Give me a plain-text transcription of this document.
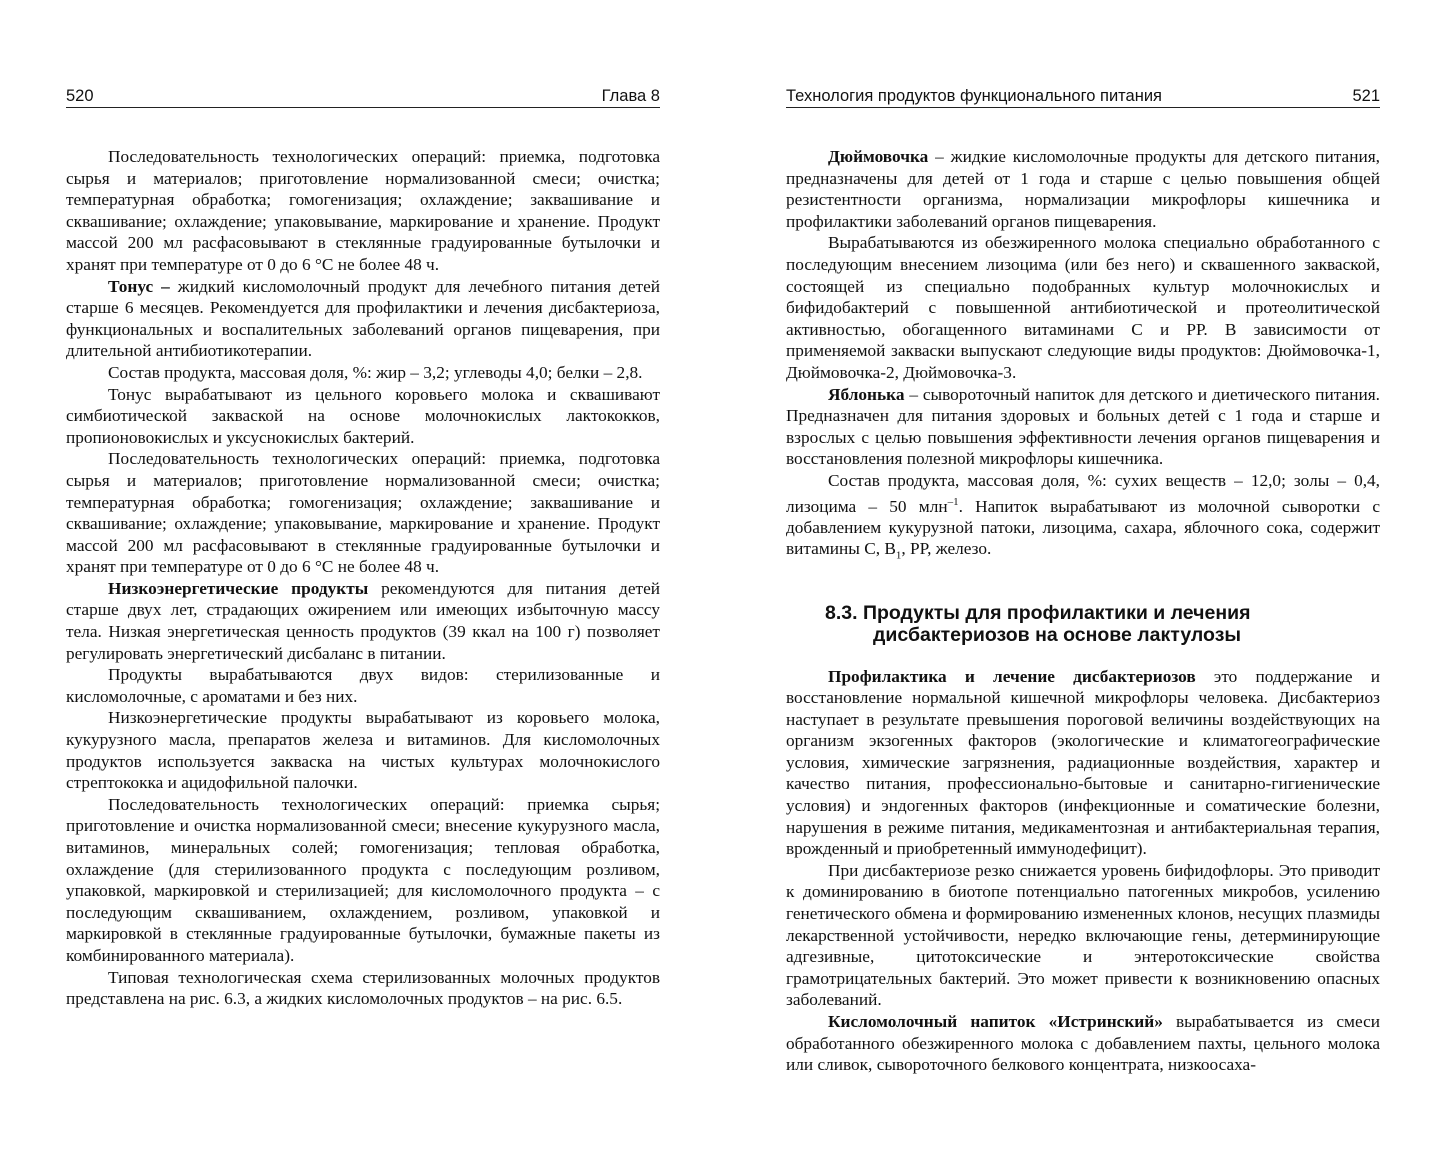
520	Глава 8

Последовательность технологических операций: приемка, подготовка сырья и материалов; приготовление нормализованной смеси; очистка; температурная обработка; гомогенизация; охлаждение; заквашивание и сквашивание; охлаждение; упаковывание, маркирование и хранение. Продукт массой 200 мл расфасовывают в стеклянные градуированные бутылочки и хранят при температуре от 0 до 6 °С не более 48 ч.

Тонус – жидкий кисломолочный продукт для лечебного питания детей старше 6 месяцев. Рекомендуется для профилактики и лечения дисбактериоза, функциональных и воспалительных заболеваний органов пищеварения, при длительной антибиотикотерапии.

Состав продукта, массовая доля, %: жир – 3,2; углеводы 4,0; белки – 2,8.

Тонус вырабатывают из цельного коровьего молока и сквашивают симбиотической закваской на основе молочнокислых лактококков, пропионовокислых и уксуснокислых бактерий.

Последовательность технологических операций: приемка, подготовка сырья и материалов; приготовление нормализованной смеси; очистка; температурная обработка; гомогенизация; охлаждение; заквашивание и сквашивание; охлаждение; упаковывание, маркирование и хранение. Продукт массой 200 мл расфасовывают в стеклянные градуированные бутылочки и хранят при температуре от 0 до 6 °С не более 48 ч.

Низкоэнергетические продукты рекомендуются для питания детей старше двух лет, страдающих ожирением или имеющих избыточную массу тела. Низкая энергетическая ценность продуктов (39 ккал на 100 г) позволяет регулировать энергетический дисбаланс в питании.

Продукты вырабатываются двух видов: стерилизованные и кисломолочные, с ароматами и без них.

Низкоэнергетические продукты вырабатывают из коровьего молока, кукурузного масла, препаратов железа и витаминов. Для кисломолочных продуктов используется закваска на чистых культурах молочнокислого стрептококка и ацидофильной палочки.

Последовательность технологических операций: приемка сырья; приготовление и очистка нормализованной смеси; внесение кукурузного масла, витаминов, минеральных солей; гомогенизация; тепловая обработка, охлаждение (для стерилизованного продукта с последующим розливом, упаковкой, маркировкой и стерилизацией; для кисломолочного продукта – с последующим сквашиванием, охлаждением, розливом, упаковкой и маркировкой в стеклянные градуированные бутылочки, бумажные пакеты из комбинированного материала).

Типовая технологическая схема стерилизованных молочных продуктов представлена на рис. 6.3, а жидких кисломолочных продуктов – на рис. 6.5.

Технология продуктов функционального питания	521

Дюймовочка – жидкие кисломолочные продукты для детского питания, предназначены для детей от 1 года и старше с целью повышения общей резистентности организма, нормализации микрофлоры кишечника и профилактики заболеваний органов пищеварения.

Вырабатываются из обезжиренного молока специально обработанного с последующим внесением лизоцима (или без него) и сквашенного закваской, состоящей из специально подобранных культур молочнокислых и бифидобактерий с повышенной антибиотической и протеолитической активностью, обогащенного витаминами С и РР. В зависимости от применяемой закваски выпускают следующие виды продуктов: Дюймовочка-1, Дюймовочка-2, Дюймовочка-3.

Яблонька – сывороточный напиток для детского и диетического питания. Предназначен для питания здоровых и больных детей с 1 года и старше и взрослых с целью повышения эффективности лечения органов пищеварения и восстановления полезной микрофлоры кишечника.

Состав продукта, массовая доля, %: сухих веществ – 12,0; золы – 0,4, лизоцима – 50 млн$^{-1}$. Напиток вырабатывают из молочной сыворотки с добавлением кукурузной патоки, лизоцима, сахара, яблочного сока, содержит витамины С, $В_1$, РР, железо.

8.3. Продукты для профилактики и лечения
дисбактериозов на основе лактулозы

Профилактика и лечение дисбактериозов это поддержание и восстановление нормальной кишечной микрофлоры человека. Дисбактериоз наступает в результате превышения пороговой величины воздействующих на организм экзогенных факторов (экологические и климатогеографические условия, химические загрязнения, радиационные воздействия, характер и качество питания, профессионально-бытовые и санитарно-гигиенические условия) и эндогенных факторов (инфекционные и соматические болезни, нарушения в режиме питания, медикаментозная и антибактериальная терапия, врожденный и приобретенный иммунодефицит).

При дисбактериозе резко снижается уровень бифидофлоры. Это приводит к доминированию в биотопе потенциально патогенных микробов, усилению генетического обмена и формированию измененных клонов, несущих плазмиды лекарственной устойчивости, нередко включающие гены, детерминирующие адгезивные, цитотоксические и энтеротоксические свойства грамотрицательных бактерий. Это может привести к возникновению опасных заболеваний.

Кисломолочный напиток «Истринский» вырабатывается из смеси обработанного обезжиренного молока с добавлением пахты, цельного молока или сливок, сывороточного белкового концентрата, низкоосаха-
